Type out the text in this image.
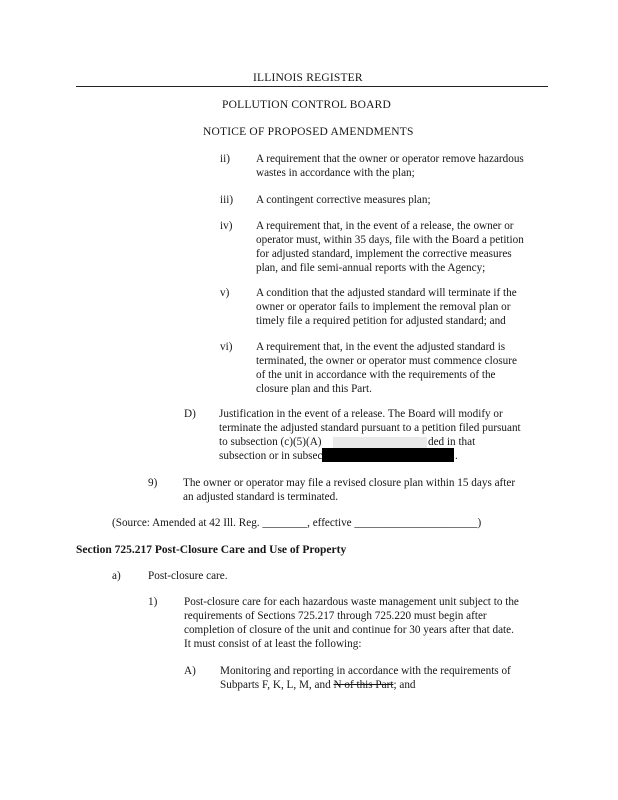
ILLINOIS REGISTER
POLLUTION CONTROL BOARD
NOTICE OF PROPOSED AMENDMENTS
ii) A requirement that the owner or operator remove hazardous
wastes in accordance with the plan;
iii) A contingent corrective measures plan;
iv) A requirement that, in the event of a release, the owner or
operator must, within 35 days, file with the Board a petition
for adjusted standard, implement the corrective measures
plan, and file semi-annual reports with the Agency;
v) A condition that the adjusted standard will terminate if the
owner or operator fails to implement the removal plan or
timely file a required petition for adjusted standard; and
vi) A requirement that, in the event the adjusted standard is
terminated, the owner or operator must commence closure
of the unit in accordance with the requirements of the
closure plan and this Part.
D) Justification in the event of a release. The Board will modify or
terminate the adjusted standard pursuant to a petition filed pursuant
to subsection (c)(5)(A)	ded in that
subsection or in subsec	.
9) The owner or operator may file a revised closure plan within 15 days after
an adjusted standard is terminated.
(Source: Amended at 42 Ill. Reg. ________, effective ______________________)
Section 725.217 Post-Closure Care and Use of Property
a) Post-closure care.
1) Post-closure care for each hazardous waste management unit subject to the
requirements of Sections 725.217 through 725.220 must begin after
completion of closure of the unit and continue for 30 years after that date.
It must consist of at least the following:
A) Monitoring and reporting in accordance with the requirements of
Subparts F, K, L, M, and N of this Part; and
